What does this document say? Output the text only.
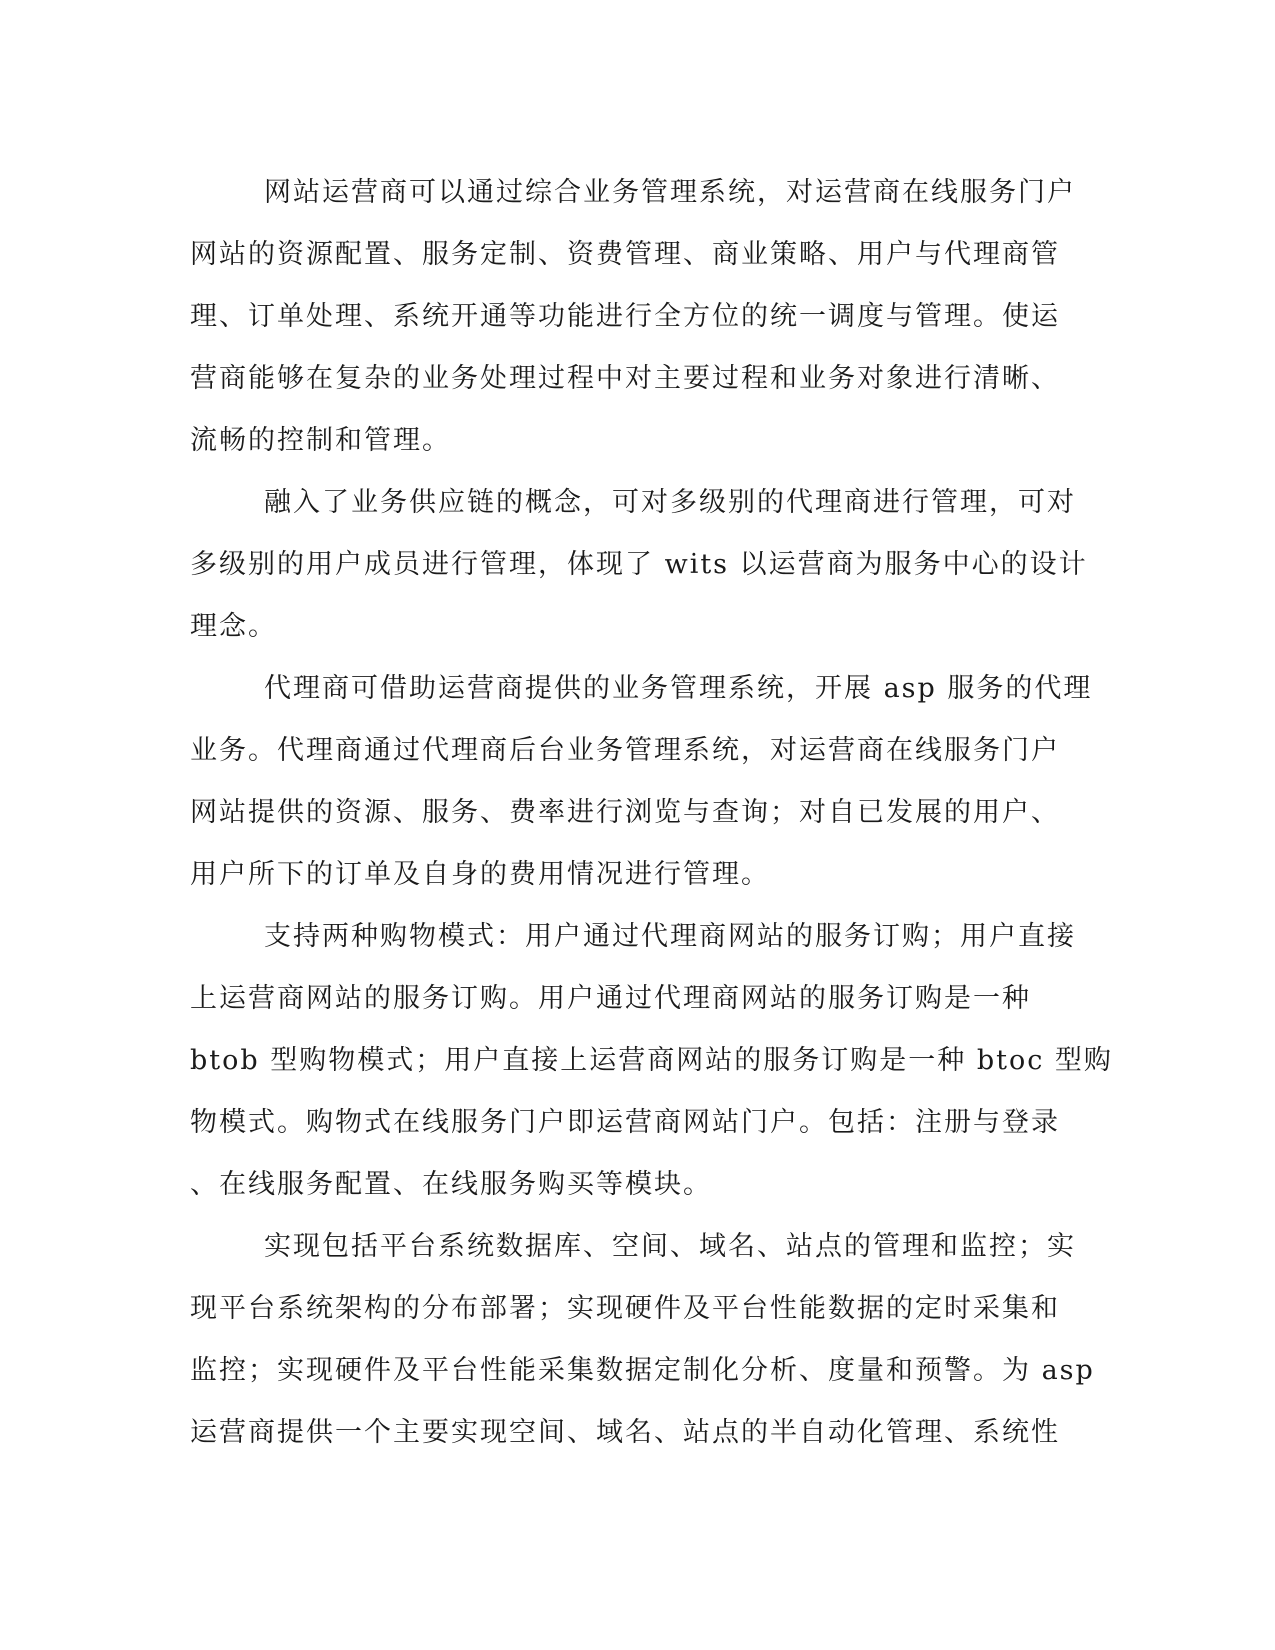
网站运营商可以通过综合业务管理系统，对运营商在线服务门户
网站的资源配置、服务定制、资费管理、商业策略、用户与代理商管
理、订单处理、系统开通等功能进行全方位的统一调度与管理。使运
营商能够在复杂的业务处理过程中对主要过程和业务对象进行清晰、
流畅的控制和管理。
融入了业务供应链的概念，可对多级别的代理商进行管理，可对
多级别的用户成员进行管理，体现了 wits 以运营商为服务中心的设计
理念。
代理商可借助运营商提供的业务管理系统，开展 asp 服务的代理
业务。代理商通过代理商后台业务管理系统，对运营商在线服务门户
网站提供的资源、服务、费率进行浏览与查询；对自已发展的用户、
用户所下的订单及自身的费用情况进行管理。
支持两种购物模式：用户通过代理商网站的服务订购；用户直接
上运营商网站的服务订购。用户通过代理商网站的服务订购是一种
btob 型购物模式；用户直接上运营商网站的服务订购是一种 btoc 型购
物模式。购物式在线服务门户即运营商网站门户。包括：注册与登录
、在线服务配置、在线服务购买等模块。
实现包括平台系统数据库、空间、域名、站点的管理和监控；实
现平台系统架构的分布部署；实现硬件及平台性能数据的定时采集和
监控；实现硬件及平台性能采集数据定制化分析、度量和预警。为 asp
运营商提供一个主要实现空间、域名、站点的半自动化管理、系统性
